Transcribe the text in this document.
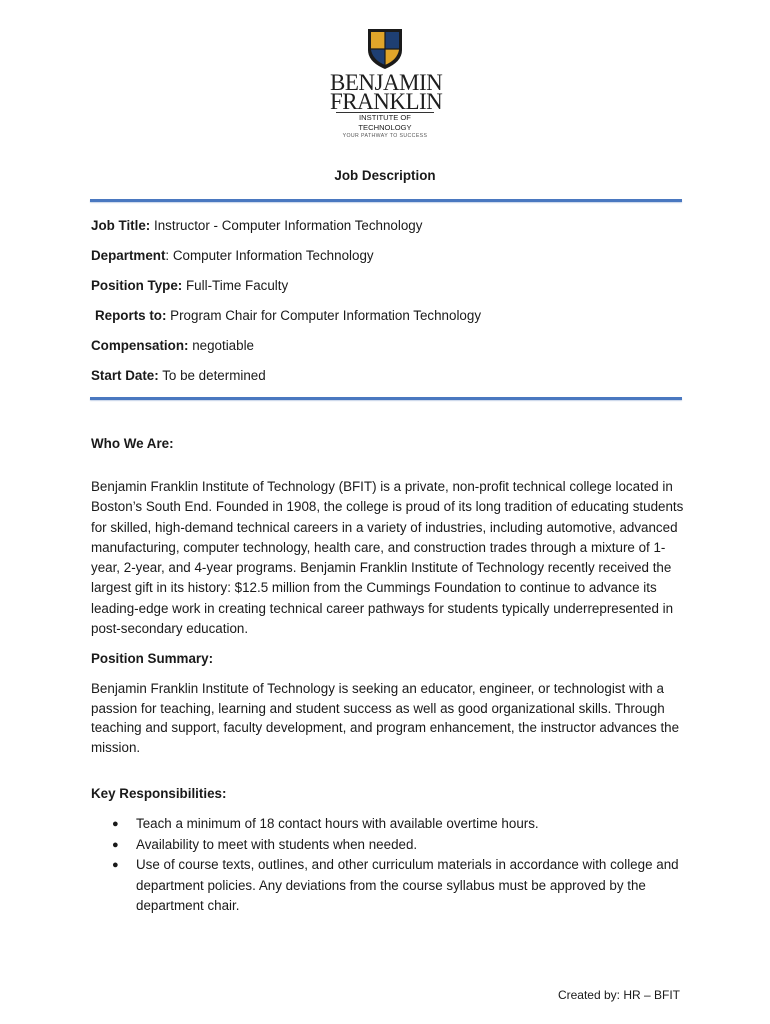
BENJAMIN
FRANKLIN
INSTITUTE OF TECHNOLOGY
YOUR PATHWAY TO SUCCESS
Job Description
Job Title: Instructor - Computer Information Technology
Department: Computer Information Technology
Position Type: Full-Time Faculty
Reports to: Program Chair for Computer Information Technology
Compensation: negotiable
Start Date: To be determined
Who We Are:
Benjamin Franklin Institute of Technology (BFIT) is a private, non-profit technical college located in Boston’s South End. Founded in 1908, the college is proud of its long tradition of educating students for skilled, high-demand technical careers in a variety of industries, including automotive, advanced manufacturing, computer technology, health care, and construction trades through a mixture of 1-year, 2-year, and 4-year programs. Benjamin Franklin Institute of Technology recently received the largest gift in its history: $12.5 million from the Cummings Foundation to continue to advance its leading-edge work in creating technical career pathways for students typically underrepresented in post-secondary education.
Position Summary:
Benjamin Franklin Institute of Technology is seeking an educator, engineer, or technologist with a passion for teaching, learning and student success as well as good organizational skills. Through teaching and support, faculty development, and program enhancement, the instructor advances the mission.
Key Responsibilities:
● Teach a minimum of 18 contact hours with available overtime hours.
● Availability to meet with students when needed.
● Use of course texts, outlines, and other curriculum materials in accordance with college and department policies. Any deviations from the course syllabus must be approved by the department chair.
Created by: HR – BFIT
